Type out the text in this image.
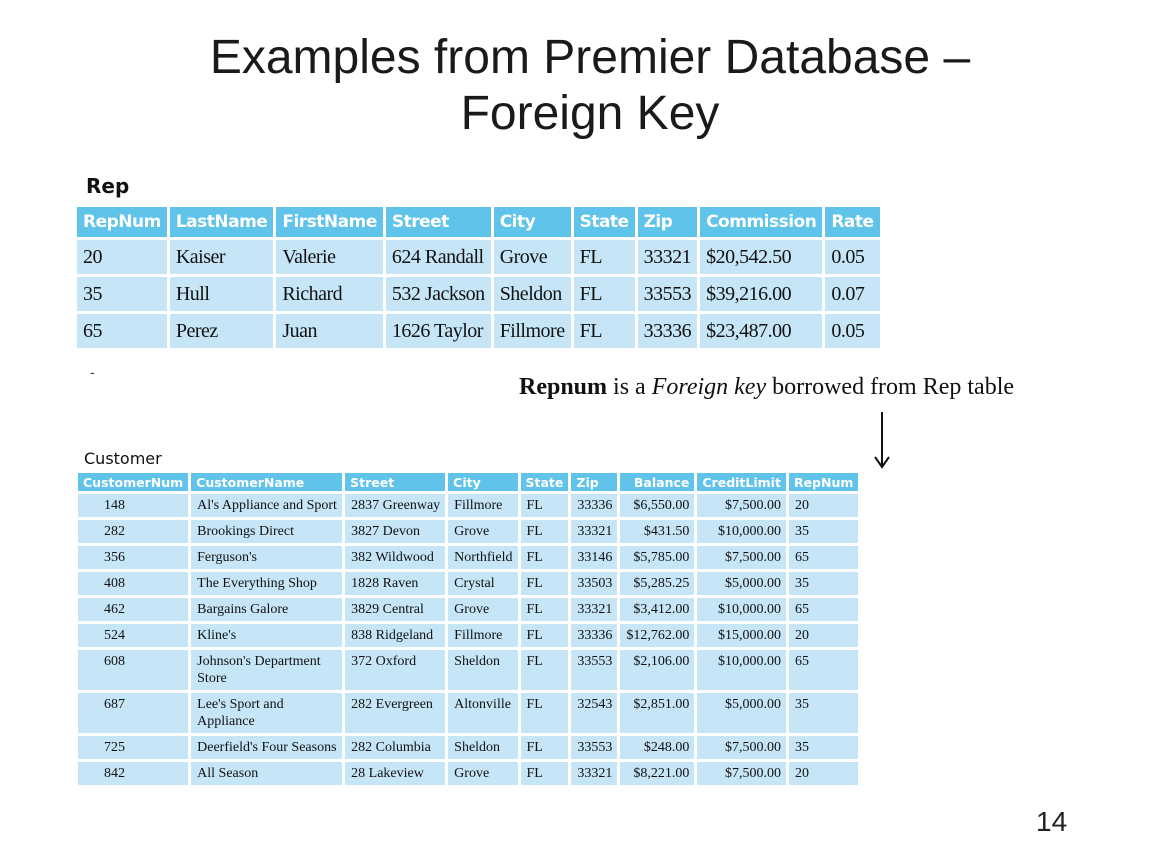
Examples from Premier Database –
Foreign Key
Rep
RepNum	LastName	FirstName	Street	City	State	Zip	Commission	Rate
20	Kaiser	Valerie	624 Randall	Grove	FL	33321	$20,542.50	0.05
35	Hull	Richard	532 Jackson	Sheldon	FL	33553	$39,216.00	0.07
65	Perez	Juan	1626 Taylor	Fillmore	FL	33336	$23,487.00	0.05
-
Repnum is a Foreign key borrowed from Rep table
Customer
CustomerNum	CustomerName	Street	City	State	Zip	Balance	CreditLimit	RepNum
148	Al's Appliance and Sport	2837 Greenway	Fillmore	FL	33336	$6,550.00	$7,500.00	20
282	Brookings Direct	3827 Devon	Grove	FL	33321	$431.50	$10,000.00	35
356	Ferguson's	382 Wildwood	Northfield	FL	33146	$5,785.00	$7,500.00	65
408	The Everything Shop	1828 Raven	Crystal	FL	33503	$5,285.25	$5,000.00	35
462	Bargains Galore	3829 Central	Grove	FL	33321	$3,412.00	$10,000.00	65
524	Kline's	838 Ridgeland	Fillmore	FL	33336	$12,762.00	$15,000.00	20
608	Johnson's Department Store	372 Oxford	Sheldon	FL	33553	$2,106.00	$10,000.00	65
687	Lee's Sport and Appliance	282 Evergreen	Altonville	FL	32543	$2,851.00	$5,000.00	35
725	Deerfield's Four Seasons	282 Columbia	Sheldon	FL	33553	$248.00	$7,500.00	35
842	All Season	28 Lakeview	Grove	FL	33321	$8,221.00	$7,500.00	20
14
